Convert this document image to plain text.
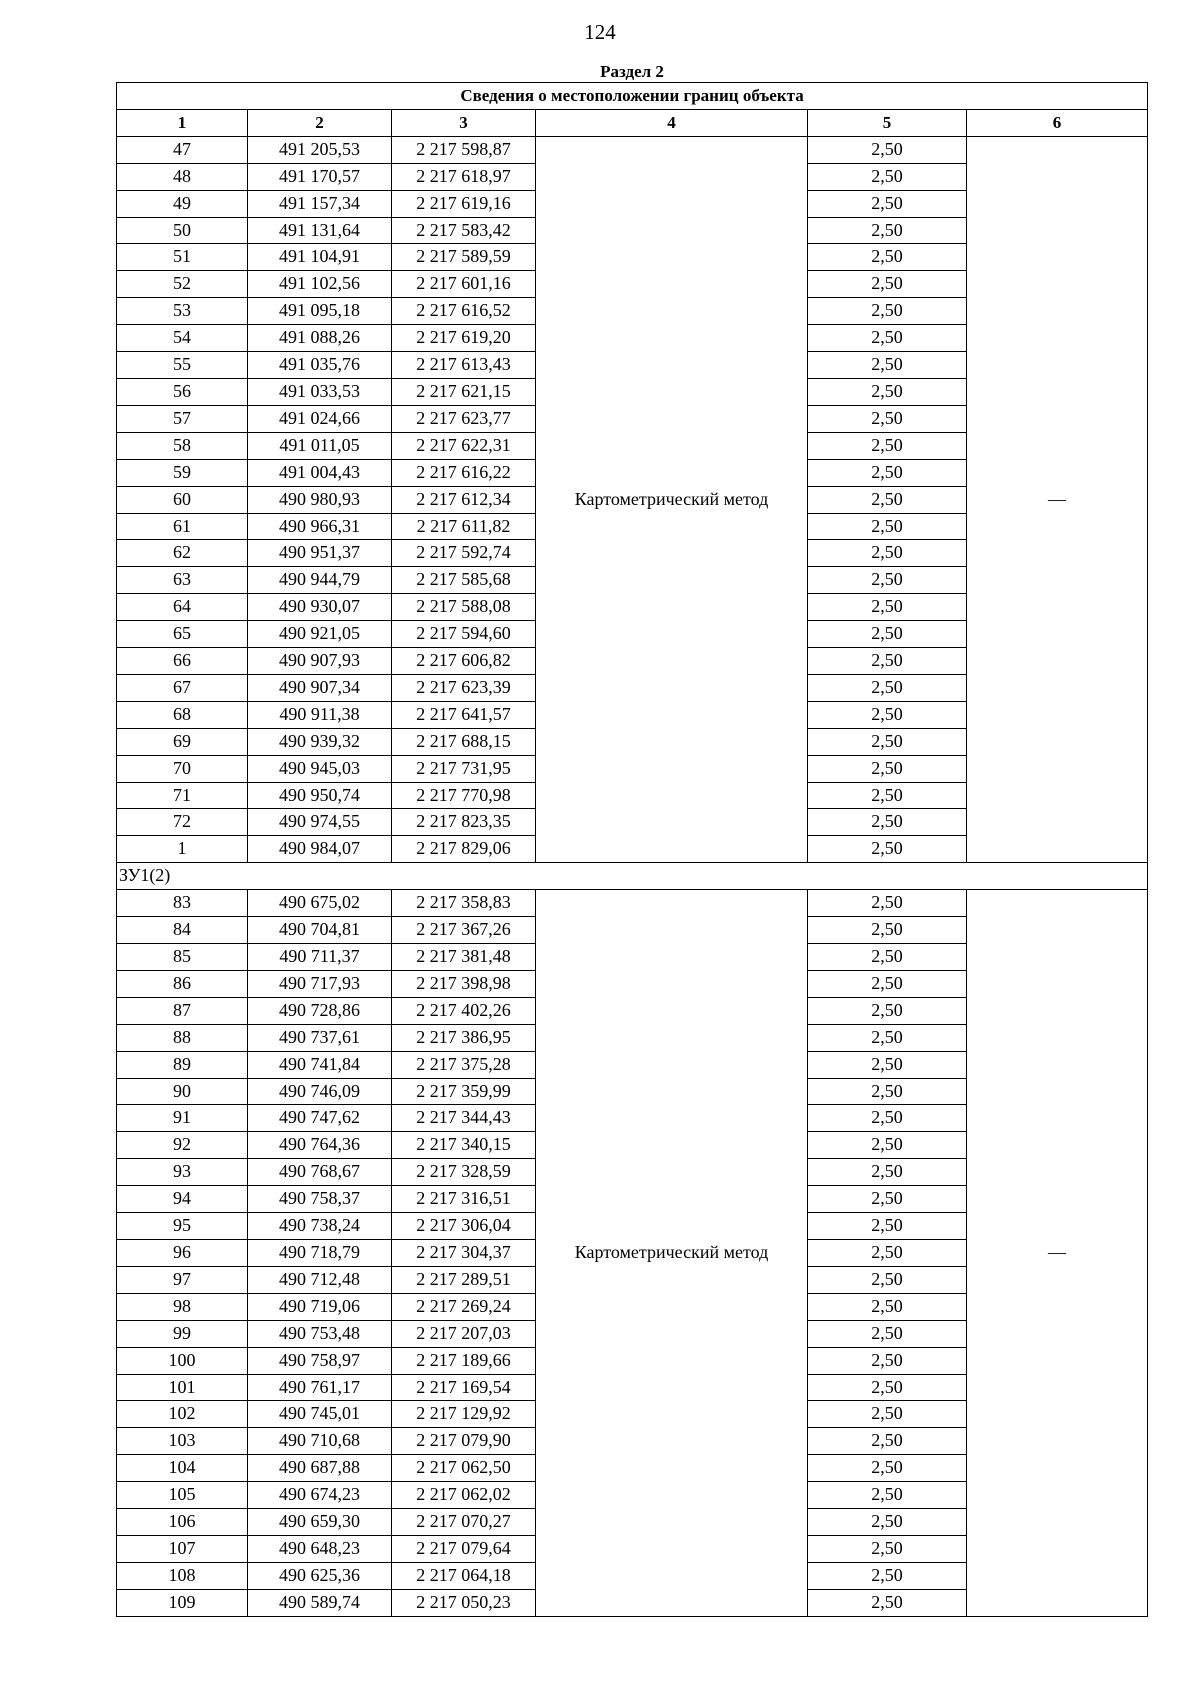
124
Раздел 2
Сведения о местоположении границ объекта					
1	2	3	4	5	6
47	491 205,53	2 217 598,87	Картометрический метод	2,50	—
48	491 170,57	2 217 618,97		2,50	
49	491 157,34	2 217 619,16		2,50	
50	491 131,64	2 217 583,42		2,50	
51	491 104,91	2 217 589,59		2,50	
52	491 102,56	2 217 601,16		2,50	
53	491 095,18	2 217 616,52		2,50	
54	491 088,26	2 217 619,20		2,50	
55	491 035,76	2 217 613,43		2,50	
56	491 033,53	2 217 621,15		2,50	
57	491 024,66	2 217 623,77		2,50	
58	491 011,05	2 217 622,31		2,50	
59	491 004,43	2 217 616,22		2,50	
60	490 980,93	2 217 612,34		2,50	
61	490 966,31	2 217 611,82		2,50	
62	490 951,37	2 217 592,74		2,50	
63	490 944,79	2 217 585,68		2,50	
64	490 930,07	2 217 588,08		2,50	
65	490 921,05	2 217 594,60		2,50	
66	490 907,93	2 217 606,82		2,50	
67	490 907,34	2 217 623,39		2,50	
68	490 911,38	2 217 641,57		2,50	
69	490 939,32	2 217 688,15		2,50	
70	490 945,03	2 217 731,95		2,50	
71	490 950,74	2 217 770,98		2,50	
72	490 974,55	2 217 823,35		2,50	
1	490 984,07	2 217 829,06		2,50	
ЗУ1(2)					
83	490 675,02	2 217 358,83	Картометрический метод	2,50	—
84	490 704,81	2 217 367,26		2,50	
85	490 711,37	2 217 381,48		2,50	
86	490 717,93	2 217 398,98		2,50	
87	490 728,86	2 217 402,26		2,50	
88	490 737,61	2 217 386,95		2,50	
89	490 741,84	2 217 375,28		2,50	
90	490 746,09	2 217 359,99		2,50	
91	490 747,62	2 217 344,43		2,50	
92	490 764,36	2 217 340,15		2,50	
93	490 768,67	2 217 328,59		2,50	
94	490 758,37	2 217 316,51		2,50	
95	490 738,24	2 217 306,04		2,50	
96	490 718,79	2 217 304,37		2,50	
97	490 712,48	2 217 289,51		2,50	
98	490 719,06	2 217 269,24		2,50	
99	490 753,48	2 217 207,03		2,50	
100	490 758,97	2 217 189,66		2,50	
101	490 761,17	2 217 169,54		2,50	
102	490 745,01	2 217 129,92		2,50	
103	490 710,68	2 217 079,90		2,50	
104	490 687,88	2 217 062,50		2,50	
105	490 674,23	2 217 062,02		2,50	
106	490 659,30	2 217 070,27		2,50	
107	490 648,23	2 217 079,64		2,50	
108	490 625,36	2 217 064,18		2,50	
109	490 589,74	2 217 050,23		2,50	
